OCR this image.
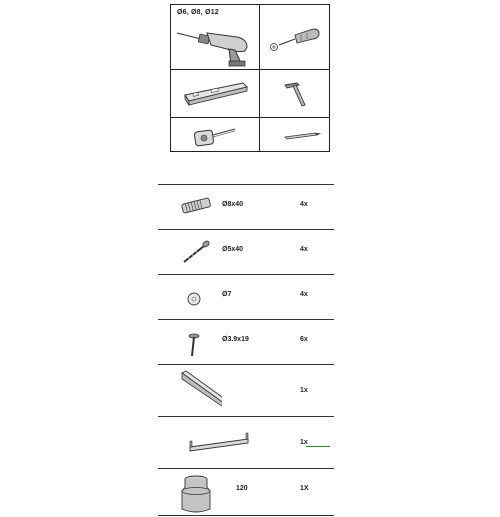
Ø6, Ø8, Ø12
Ø8x40	4x
Ø5x40	4x
Ø7	4x
Ø3.9x19	6x
1x
1x
120	1X
